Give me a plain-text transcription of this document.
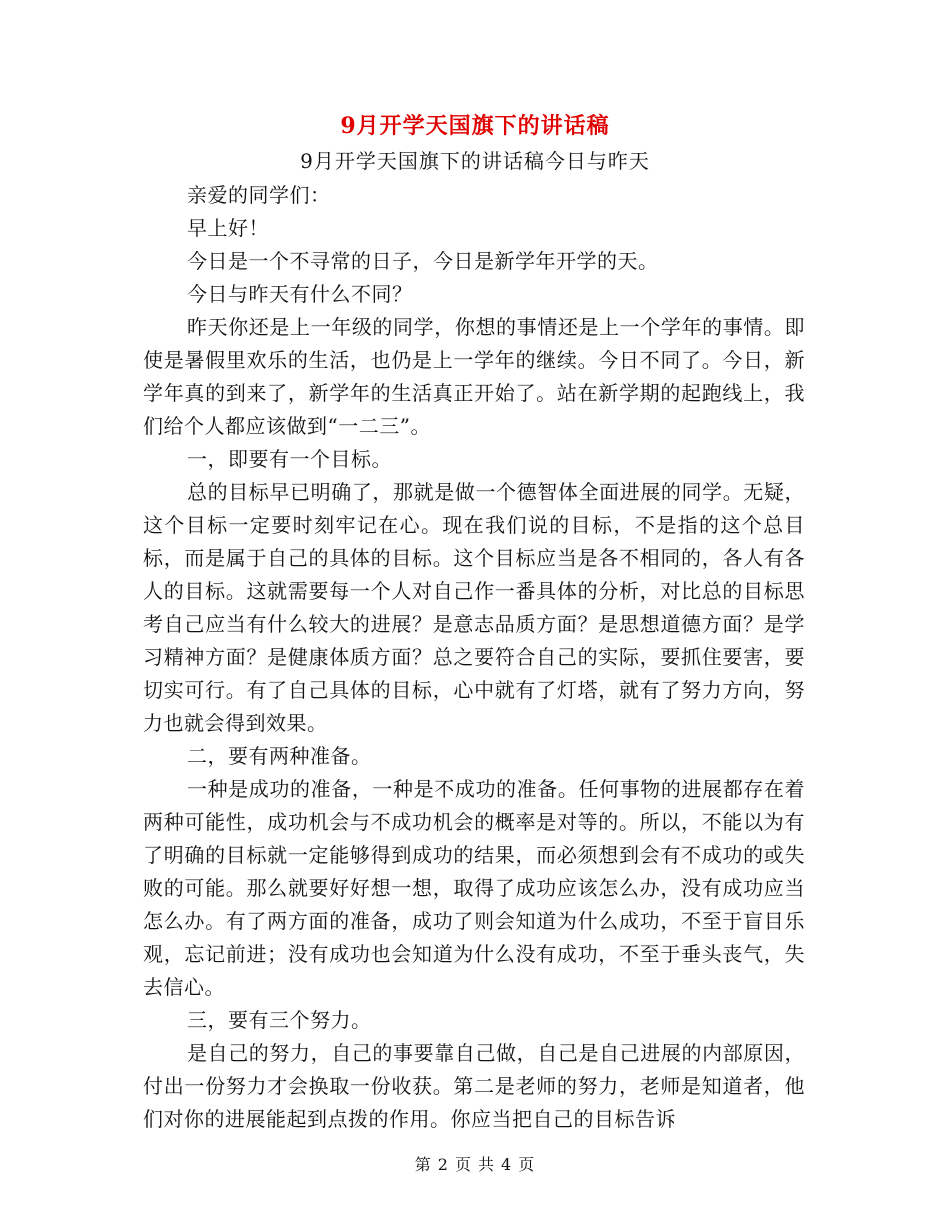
9月开学天国旗下的讲话稿
9月开学天国旗下的讲话稿今日与昨天

亲爱的同学们：

早上好！

今日是一个不寻常的日子，今日是新学年开学的天。

今日与昨天有什么不同？

昨天你还是上一年级的同学，你想的事情还是上一个学年的事情。即使是暑假里欢乐的生活，也仍是上一学年的继续。今日不同了。今日，新学年真的到来了，新学年的生活真正开始了。站在新学期的起跑线上，我们给个人都应该做到“一二三”。

一，即要有一个目标。

总的目标早已明确了，那就是做一个德智体全面进展的同学。无疑，这个目标一定要时刻牢记在心。现在我们说的目标，不是指的这个总目标，而是属于自己的具体的目标。这个目标应当是各不相同的，各人有各人的目标。这就需要每一个人对自己作一番具体的分析，对比总的目标思考自己应当有什么较大的进展？是意志品质方面？是思想道德方面？是学习精神方面？是健康体质方面？总之要符合自己的实际，要抓住要害，要切实可行。有了自己具体的目标，心中就有了灯塔，就有了努力方向，努力也就会得到效果。

二，要有两种准备。

一种是成功的准备，一种是不成功的准备。任何事物的进展都存在着两种可能性，成功机会与不成功机会的概率是对等的。所以，不能以为有了明确的目标就一定能够得到成功的结果，而必须想到会有不成功的或失败的可能。那么就要好好想一想，取得了成功应该怎么办，没有成功应当怎么办。有了两方面的准备，成功了则会知道为什么成功，不至于盲目乐观，忘记前进；没有成功也会知道为什么没有成功，不至于垂头丧气，失去信心。

三，要有三个努力。

是自己的努力，自己的事要靠自己做，自己是自己进展的内部原因，付出一份努力才会换取一份收获。第二是老师的努力，老师是知道者，他们对你的进展能起到点拨的作用。你应当把自己的目标告诉

第 2 页 共 4 页
